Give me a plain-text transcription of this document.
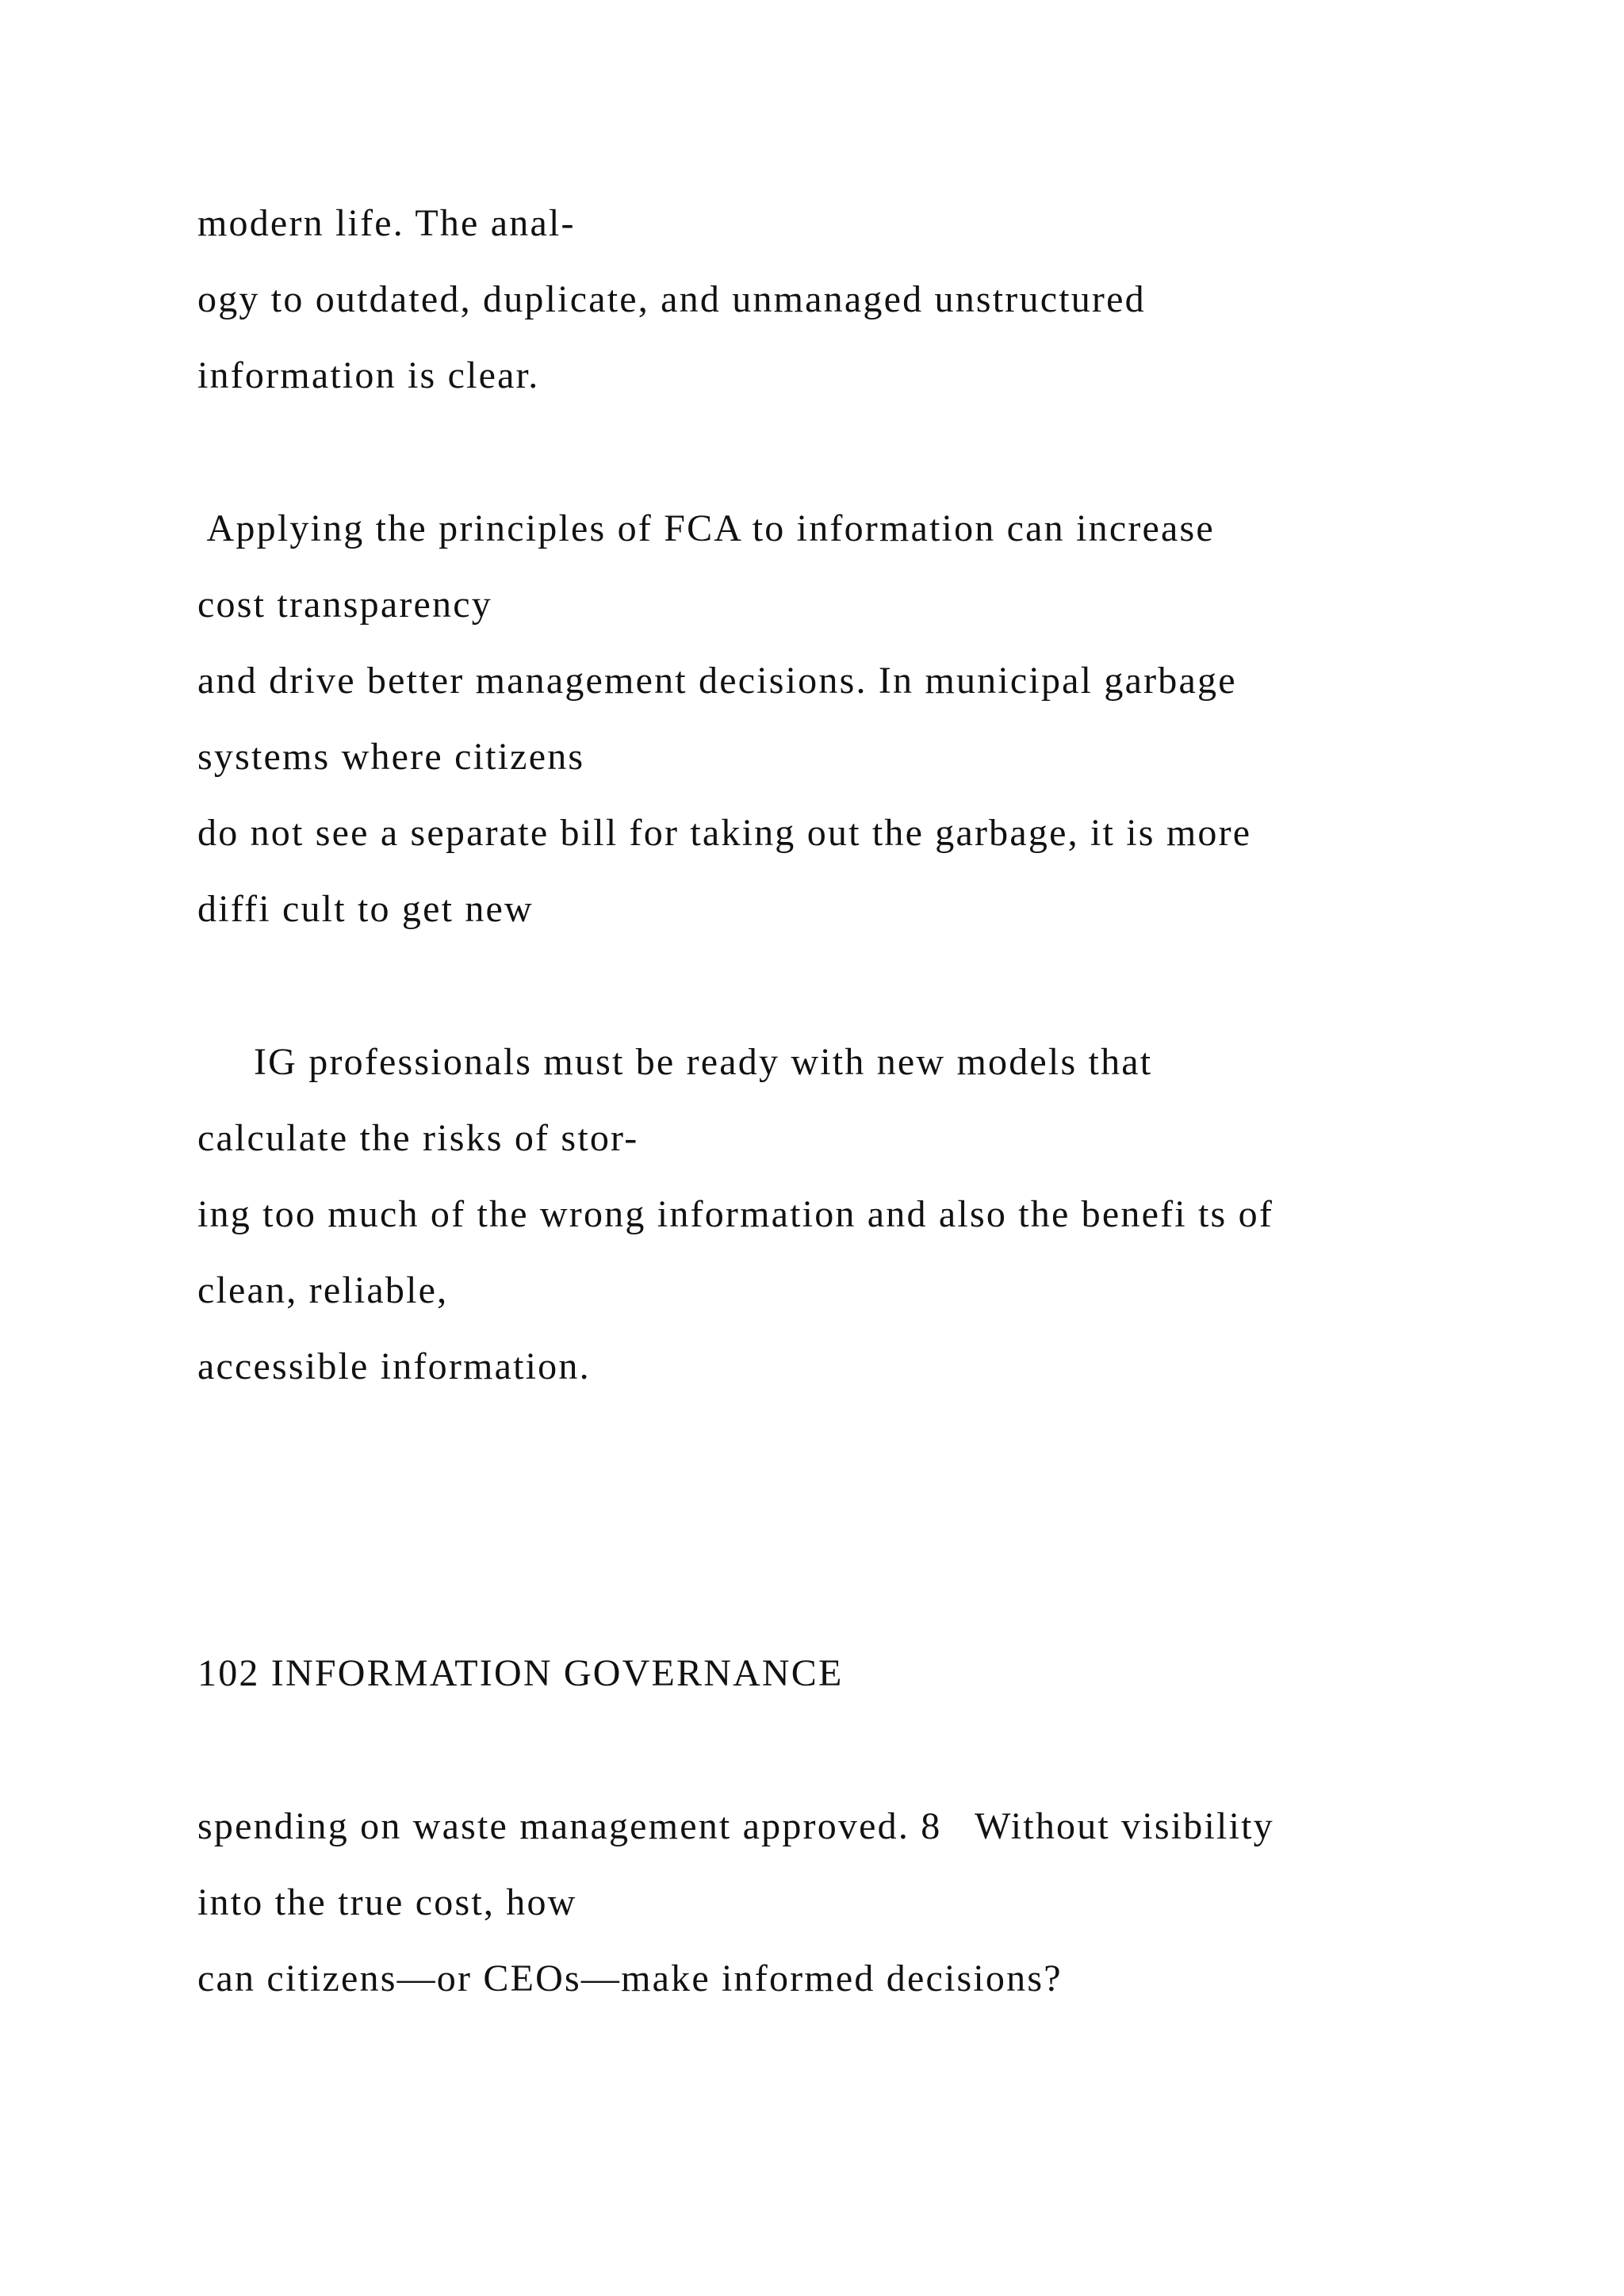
modern life. The anal-

ogy to outdated, duplicate, and unmanaged unstructured

information is clear.

Applying the principles of FCA to information can increase

cost transparency

and drive better management decisions. In municipal garbage

systems where citizens

do not see a separate bill for taking out the garbage, it is more

diffi cult to get new

IG professionals must be ready with new models that

calculate the risks of stor-

ing too much of the wrong information and also the benefi ts of

clean, reliable,

accessible information.

102 INFORMATION GOVERNANCE

spending on waste management approved. 8   Without visibility

into the true cost, how

can citizens—or CEOs—make informed decisions?
